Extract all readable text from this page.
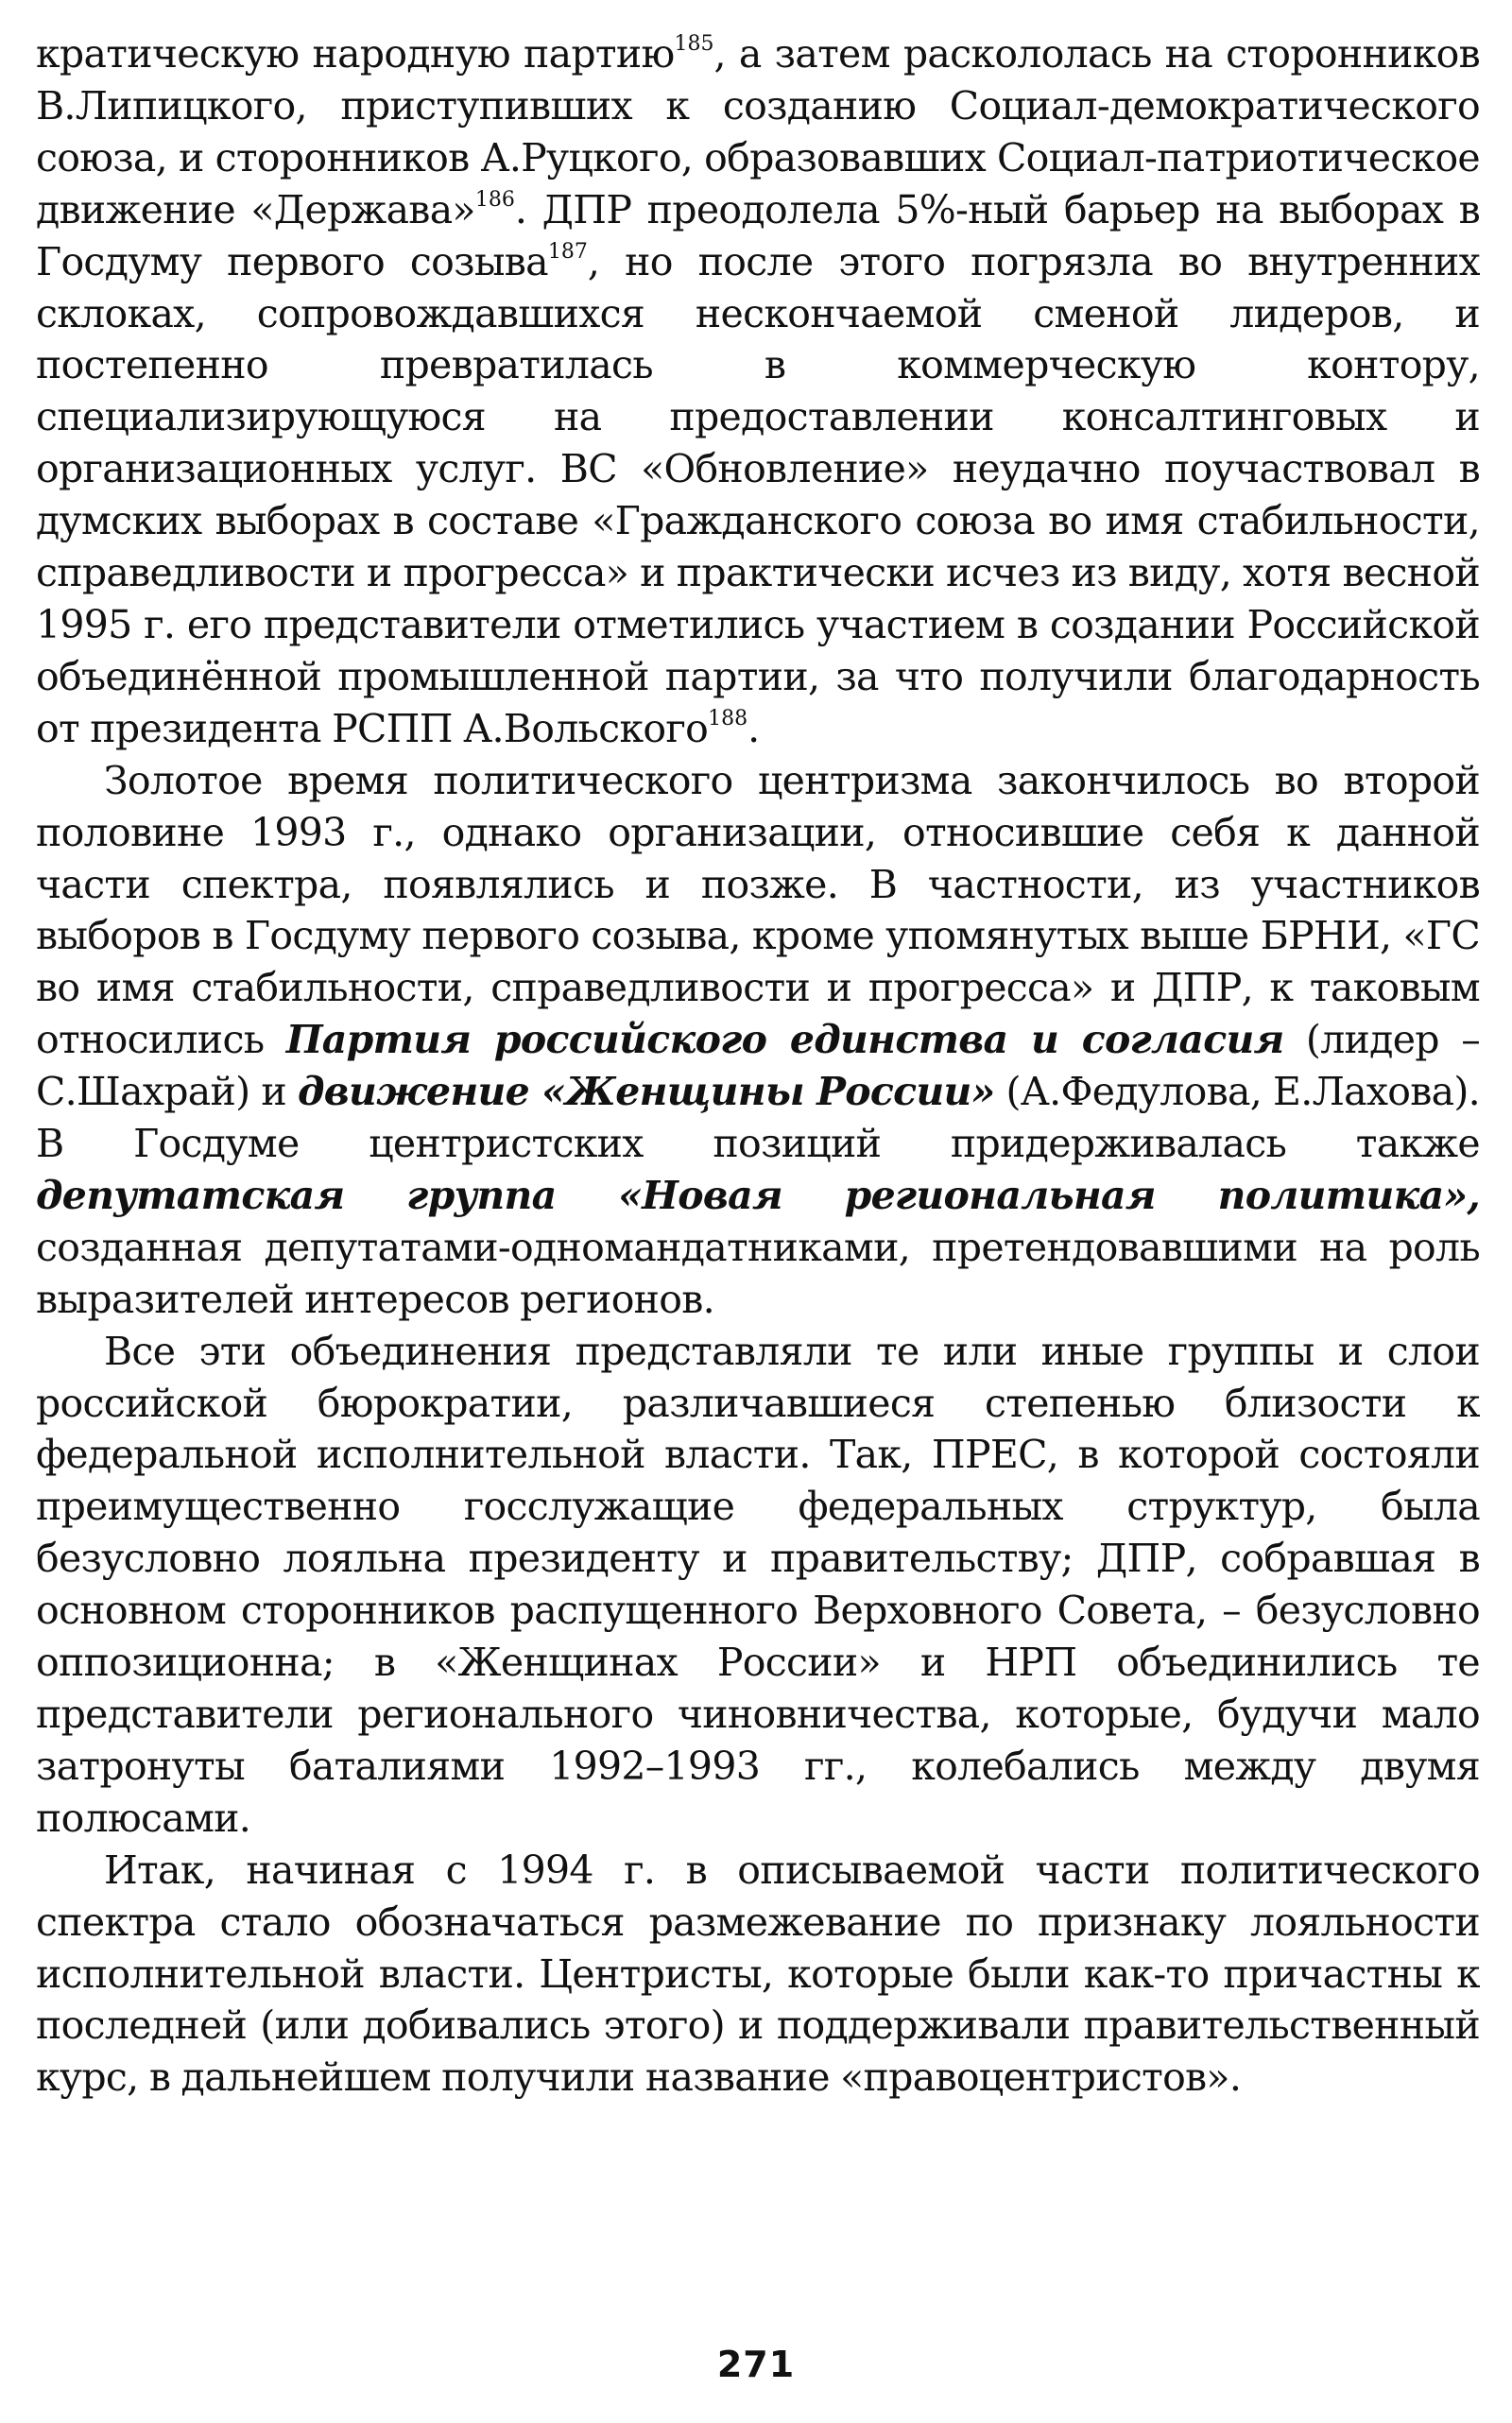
кратическую народную партию$^{185}$, а затем раскололась на сторонников В.Липицкого, приступивших к созданию Социал-демократического союза, и сторонников А.Руцкого, образовавших Социал-патриотическое движение «Держава»$^{186}$. ДПР преодолела 5%-ный барьер на выборах в Госдуму первого созыва$^{187}$, но после этого погрязла во внутренних склоках, сопровождавшихся нескончаемой сменой лидеров, и постепенно превратилась в коммерческую контору, специализирующуюся на предоставлении консалтинговых и организационных услуг. ВС «Обновление» неудачно поучаствовал в думских выборах в составе «Гражданского союза во имя стабильности, справедливости и прогресса» и практически исчез из виду, хотя весной 1995 г. его представители отметились участием в создании Российской объединённой промышленной партии, за что получили благодарность от президента РСПП А.Вольского$^{188}$.

Золотое время политического центризма закончилось во второй половине 1993 г., однако организации, относившие себя к данной части спектра, появлялись и позже. В частности, из участников выборов в Госдуму первого созыва, кроме упомянутых выше БРНИ, «ГС во имя стабильности, справедливости и прогресса» и ДПР, к таковым относились Партия российского единства и согласия (лидер – С.Шахрай) и движение «Женщины России» (А.Федулова, Е.Лахова). В Госдуме центристских позиций придерживалась также депутатская группа «Новая региональная политика», созданная депутатами-одномандатниками, претендовавшими на роль выразителей интересов регионов.

Все эти объединения представляли те или иные группы и слои российской бюрократии, различавшиеся степенью близости к федеральной исполнительной власти. Так, ПРЕС, в которой состояли преимущественно госслужащие федеральных структур, была безусловно лояльна президенту и правительству; ДПР, собравшая в основном сторонников распущенного Верховного Совета, – безусловно оппозиционна; в «Женщинах России» и НРП объединились те представители регионального чиновничества, которые, будучи мало затронуты баталиями 1992–1993 гг., колебались между двумя полюсами.

Итак, начиная с 1994 г. в описываемой части политического спектра стало обозначаться размежевание по признаку лояльности исполнительной власти. Центристы, которые были как-то причастны к последней (или добивались этого) и поддерживали правительственный курс, в дальнейшем получили название «правоцентристов».

271
